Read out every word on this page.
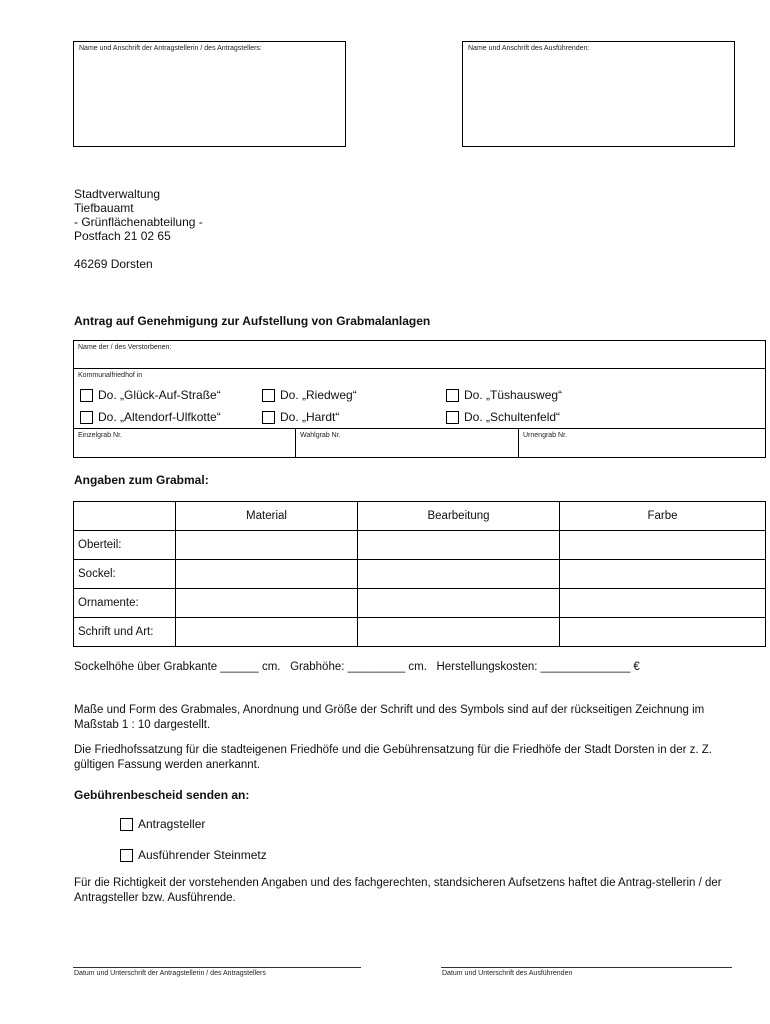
Name und Anschrift der Antragstellerin / des Antragstellers:	Name und Anschrift des Ausführenden:
Stadtverwaltung
Tiefbauamt
- Grünflächenabteilung -
Postfach 21 02 65
46269 Dorsten
Antrag auf Genehmigung zur Aufstellung von Grabmalanlagen
Name der / des Verstorbenen:
Kommunalfriedhof in
Do. „Glück-Auf-Straße“	Do. „Riedweg“	Do. „Tüshausweg“
Do. „Altendorf-Ulfkotte“	Do. „Hardt“	Do. „Schultenfeld“
Einzelgrab Nr.	Wahlgrab Nr.	Urnengrab Nr.
Angaben zum Grabmal:
	Material	Bearbeitung	Farbe
Oberteil:			
Sockel:			
Ornamente:			
Schrift und Art:			
Sockelhöhe über Grabkante ______ cm.   Grabhöhe: _________ cm.   Herstellungskosten: ______________ €
Maße und Form des Grabmales, Anordnung und Größe der Schrift und des Symbols sind auf der rückseitigen Zeichnung im Maßstab 1 : 10 dargestellt.
Die Friedhofssatzung für die stadteigenen Friedhöfe und die Gebührensatzung für die Friedhöfe der Stadt Dorsten in der z. Z. gültigen Fassung werden anerkannt.
Gebührenbescheid senden an:
Antragsteller
Ausführender Steinmetz
Für die Richtigkeit der vorstehenden Angaben und des fachgerechten, standsicheren Aufsetzens haftet die Antrag-stellerin / der Antragsteller bzw. Ausführende.
Datum und Unterschrift der Antragstellerin / des Antragstellers	Datum und Unterschrift des Ausführenden
